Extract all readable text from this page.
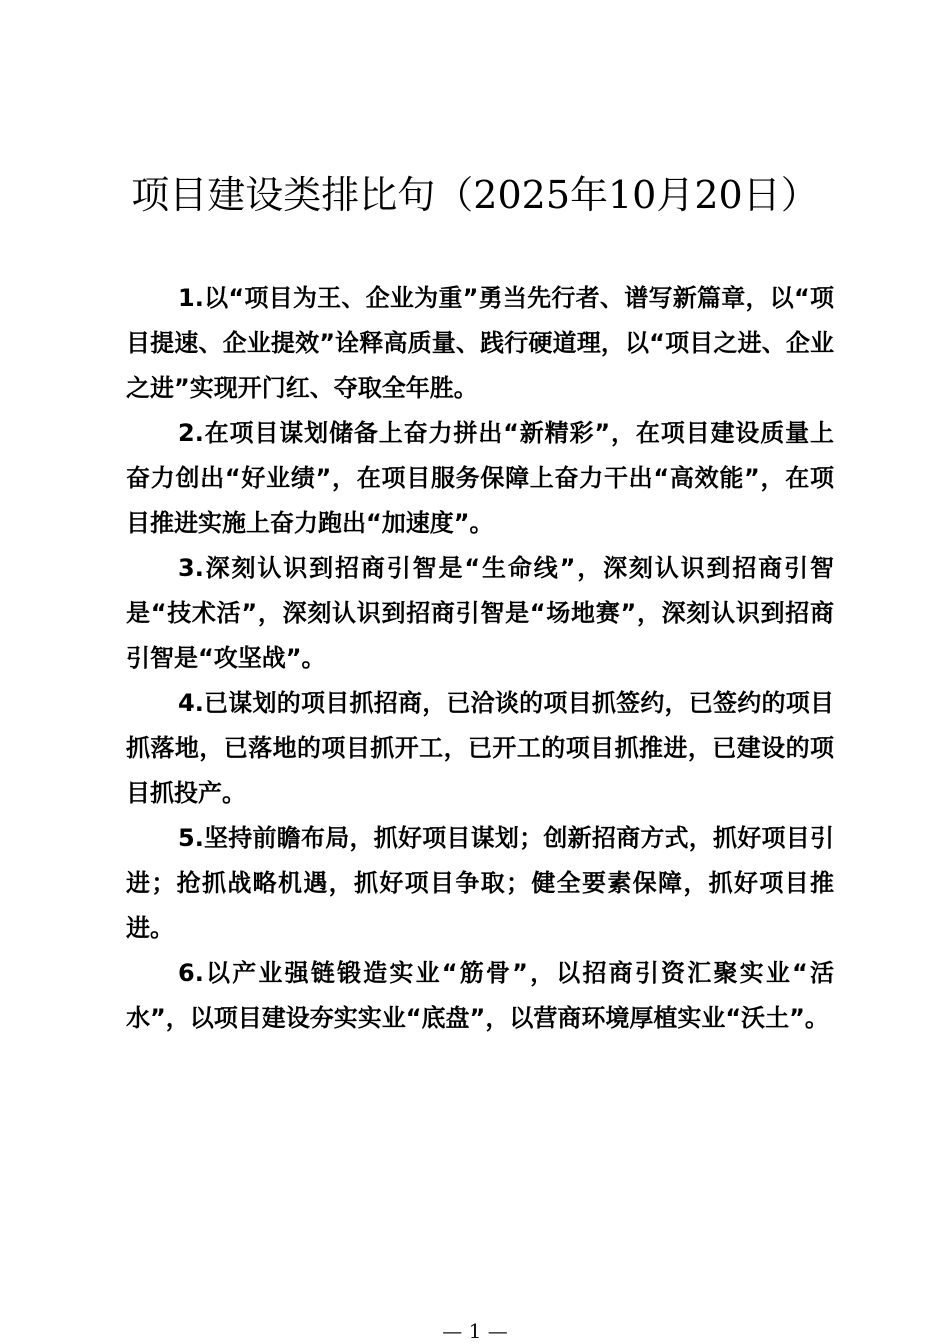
项目建设类排比句（2025年10月20日）

1.以“项目为王、企业为重”勇当先行者、谱写新篇章，以“项目提速、企业提效”诠释高质量、践行硬道理，以“项目之进、企业之进”实现开门红、夺取全年胜。

2.在项目谋划储备上奋力拼出“新精彩”，在项目建设质量上奋力创出“好业绩”，在项目服务保障上奋力干出“高效能”，在项目推进实施上奋力跑出“加速度”。

3.深刻认识到招商引智是“生命线”，深刻认识到招商引智是“技术活”，深刻认识到招商引智是“场地赛”，深刻认识到招商引智是“攻坚战”。

4.已谋划的项目抓招商，已洽谈的项目抓签约，已签约的项目抓落地，已落地的项目抓开工，已开工的项目抓推进，已建设的项目抓投产。

5.坚持前瞻布局，抓好项目谋划；创新招商方式，抓好项目引进；抢抓战略机遇，抓好项目争取；健全要素保障，抓好项目推进。

6.以产业强链锻造实业“筋骨”，以招商引资汇聚实业“活水”，以项目建设夯实实业“底盘”，以营商环境厚植实业“沃土”。

— 1 —
